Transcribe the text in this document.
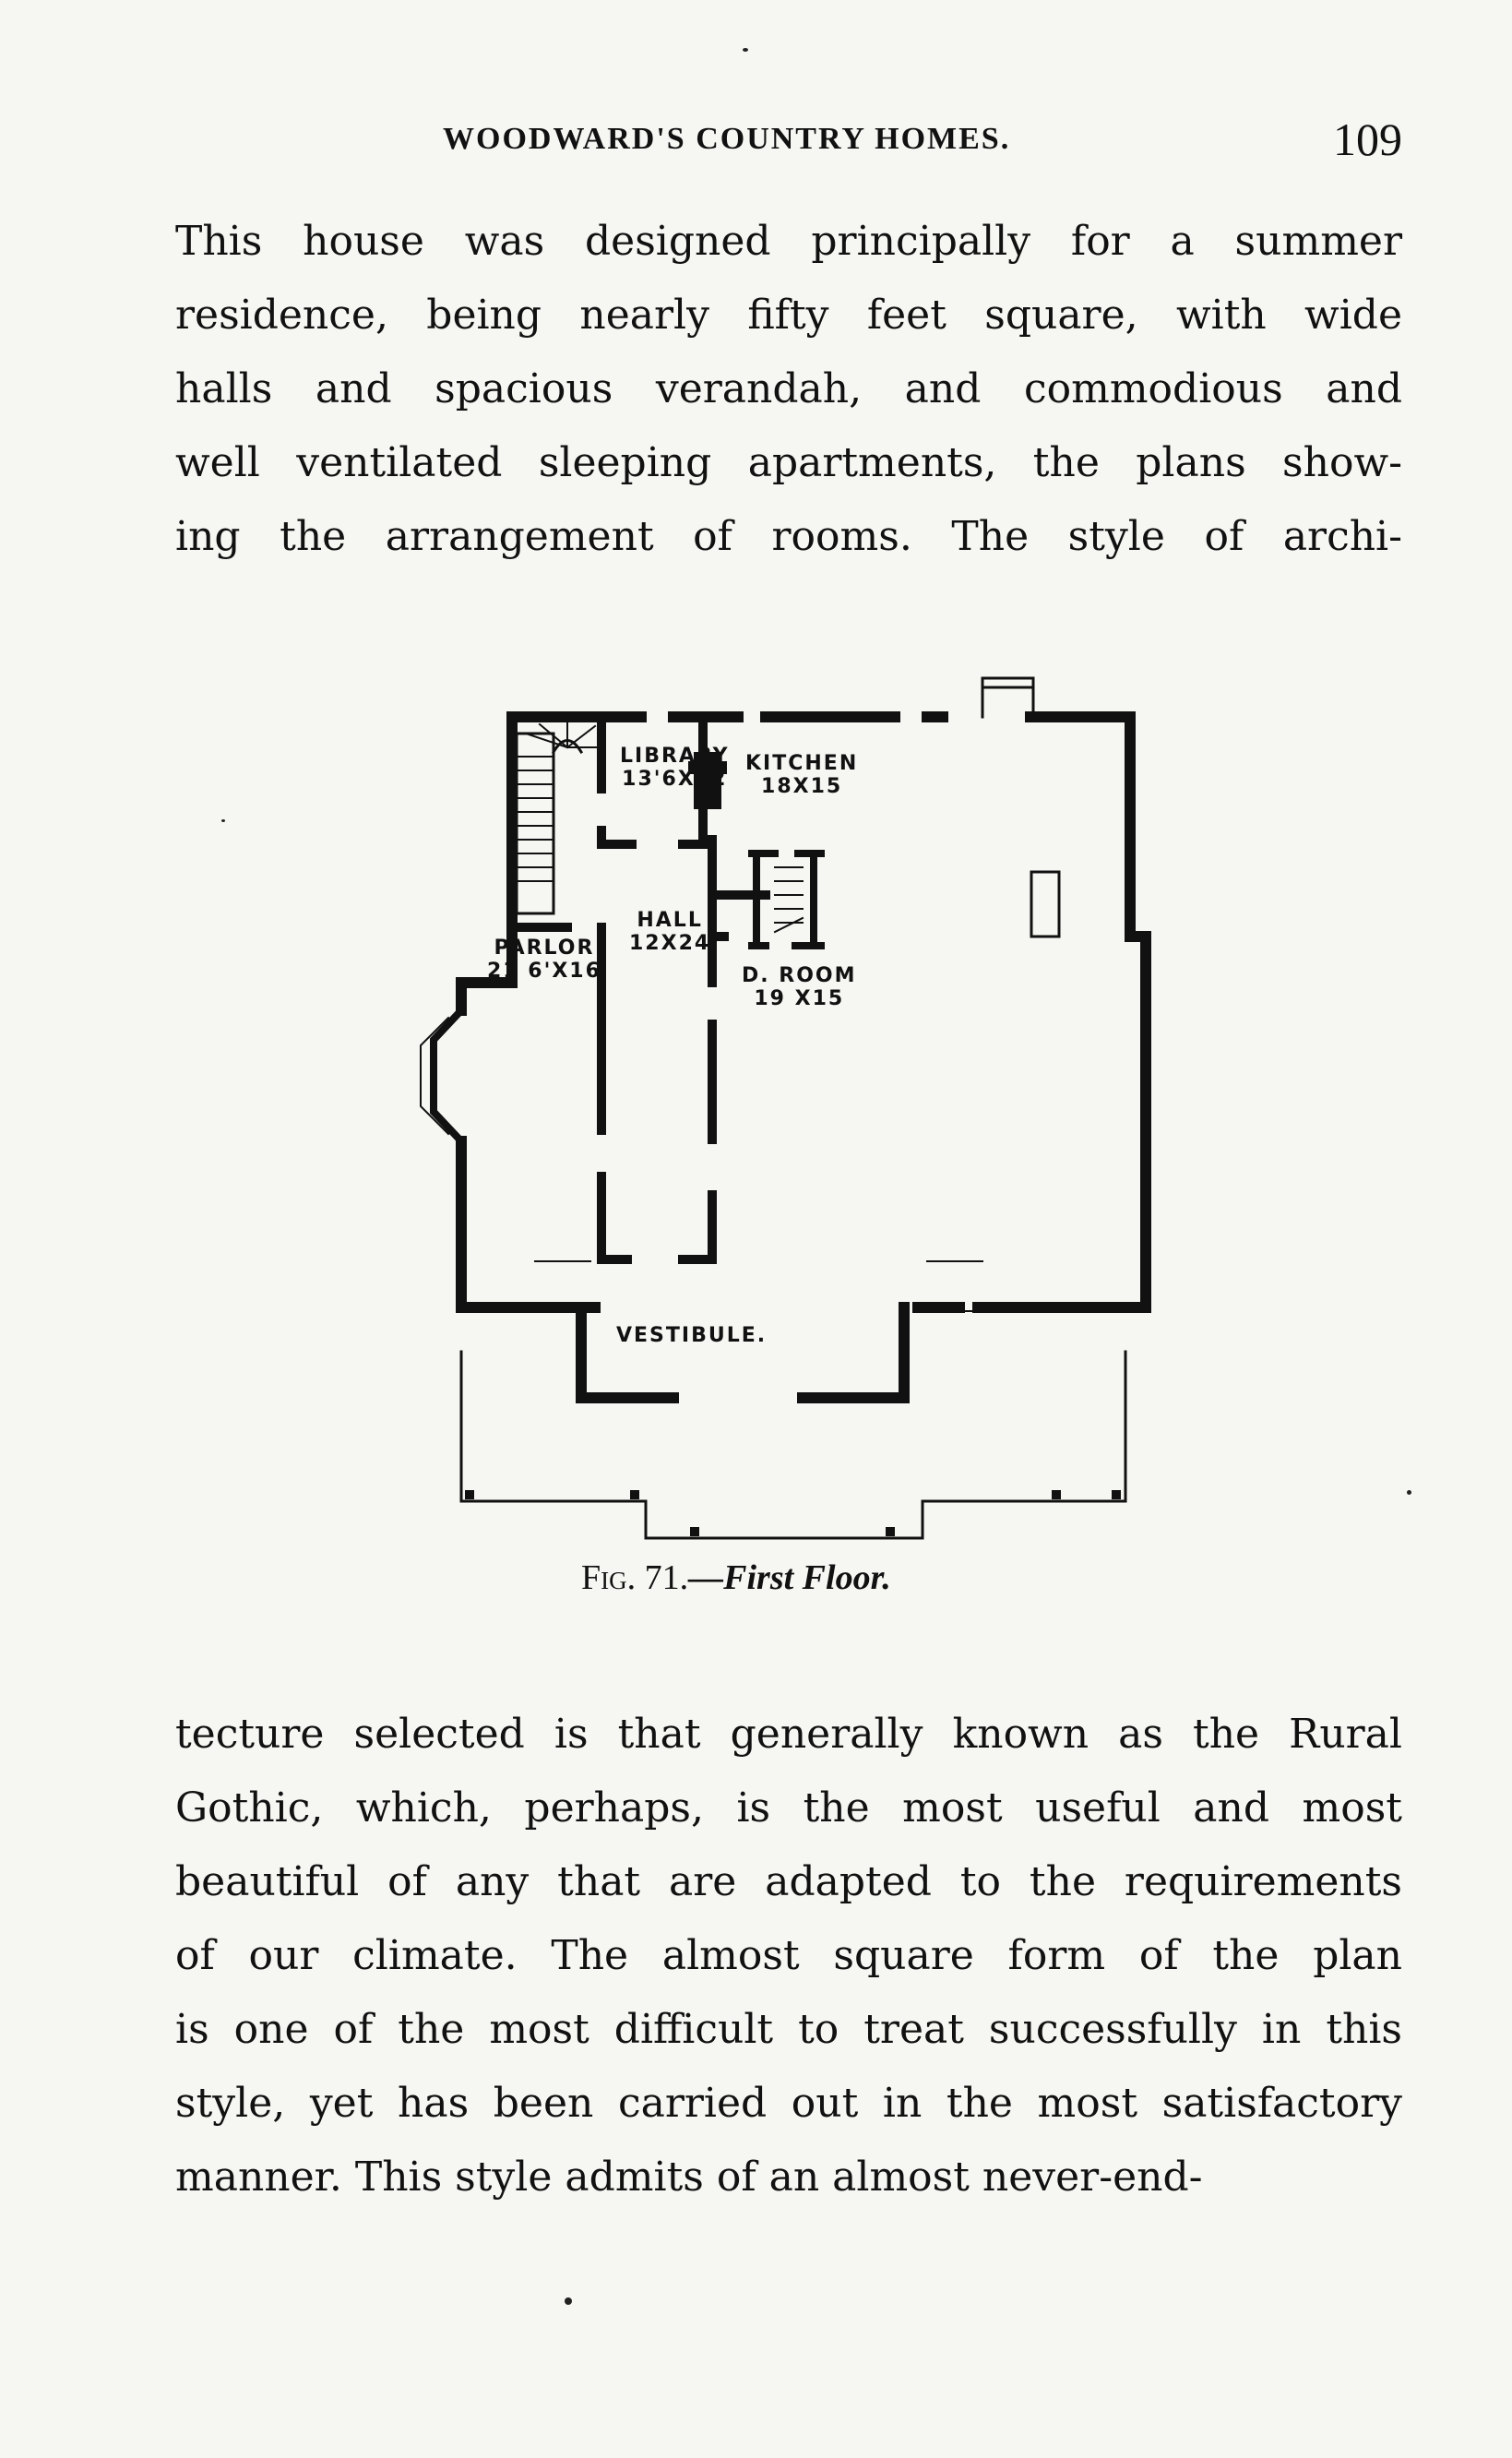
WOODWARD'S COUNTRY HOMES.	109

This house was designed principally for a summer
residence, being nearly fifty feet square, with wide
halls and spacious verandah, and commodious and
well ventilated sleeping apartments, the plans show-
ing the arrangement of rooms. The style of archi-

LIBRARY
13'6X12
KITCHEN
18X15
HALL
12X24
PARLOR
21 6'X16	D. ROOM
19 X15
VESTIBULE.
Fig. 71.—First Floor.

tecture selected is that generally known as the Rural
Gothic, which, perhaps, is the most useful and most
beautiful of any that are adapted to the requirements
of our climate. The almost square form of the plan
is one of the most difficult to treat successfully in this
style, yet has been carried out in the most satisfactory
manner. This style admits of an almost never-end-
